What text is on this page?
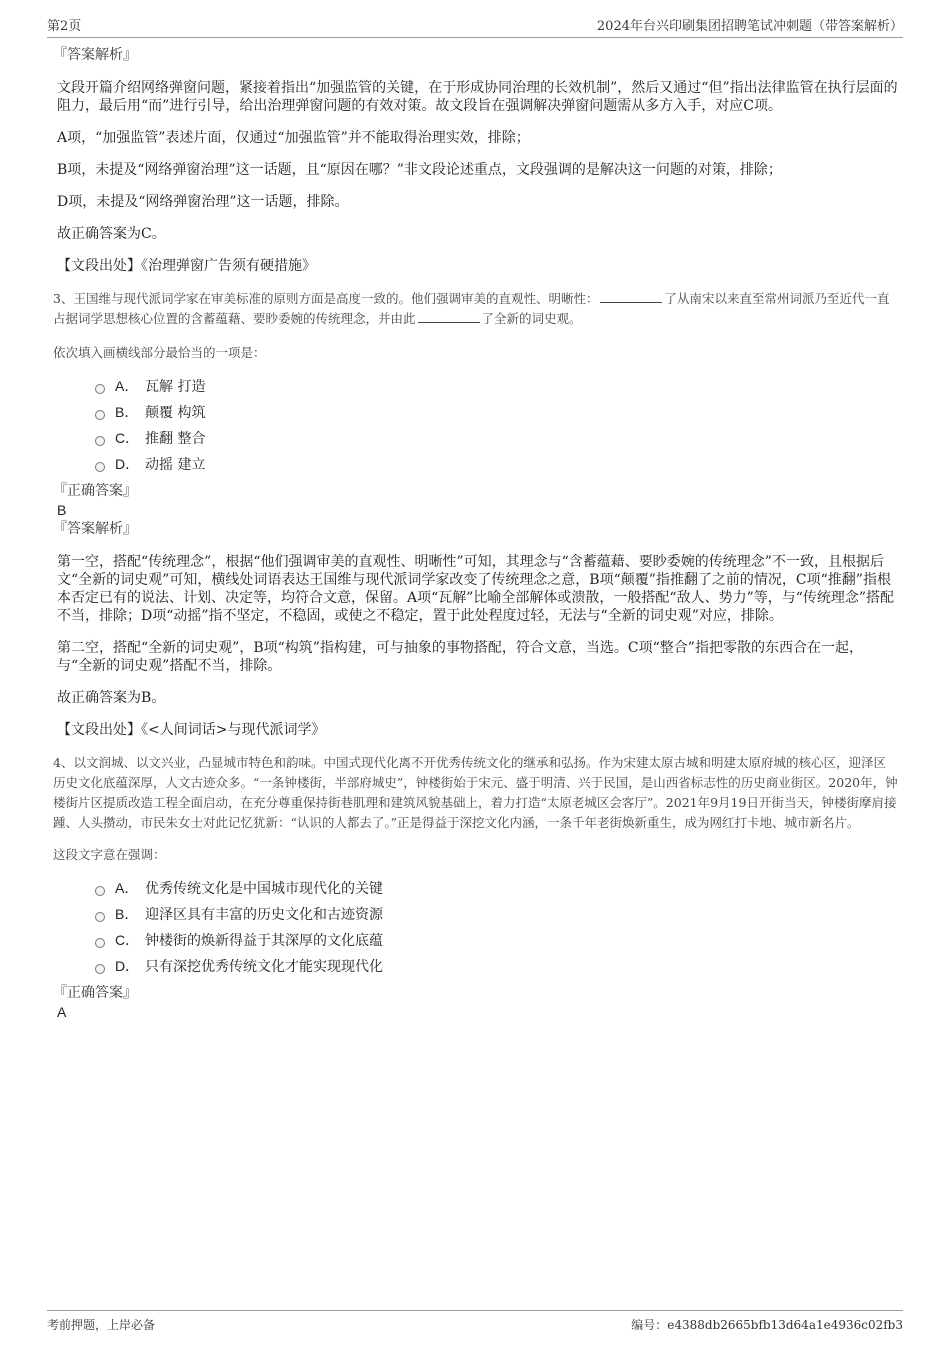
第2页	2024年台兴印刷集团招聘笔试冲刺题（带答案解析）
『答案解析』
文段开篇介绍网络弹窗问题，紧接着指出“加强监管的关键，在于形成协同治理的长效机制”，然后又通过“但”指出法律监管在执行层面的阻力，最后用“而”进行引导，给出治理弹窗问题的有效对策。故文段旨在强调解决弹窗问题需从多方入手，对应C项。
A项，“加强监管”表述片面，仅通过“加强监管”并不能取得治理实效，排除；
B项，未提及“网络弹窗治理”这一话题，且“原因在哪？”非文段论述重点，文段强调的是解决这一问题的对策，排除；
D项，未提及“网络弹窗治理”这一话题，排除。
故正确答案为C。
【文段出处】《治理弹窗广告须有硬措施》
3、王国维与现代派词学家在审美标准的原则方面是高度一致的。他们强调审美的直观性、明晰性：	了从南宋以来直至常州词派乃至近代一直占据词学思想核心位置的含蓄蕴藉、要眇委婉的传统理念，并由此	了全新的词史观。
依次填入画横线部分最恰当的一项是：
A． 瓦解 打造
B． 颠覆 构筑
C． 推翻 整合
D． 动摇 建立
『正确答案』
B
『答案解析』
第一空，搭配“传统理念”，根据“他们强调审美的直观性、明晰性”可知，其理念与“含蓄蕴藉、要眇委婉的传统理念”不一致，且根据后文“全新的词史观”可知，横线处词语表达王国维与现代派词学家改变了传统理念之意，B项“颠覆”指推翻了之前的情况，C项“推翻”指根本否定已有的说法、计划、决定等，均符合文意，保留。A项“瓦解”比喻全部解体或溃散，一般搭配“敌人、势力”等，与“传统理念”搭配不当，排除；D项“动摇”指不坚定，不稳固，或使之不稳定，置于此处程度过轻，无法与“全新的词史观”对应，排除。
第二空，搭配“全新的词史观”，B项“构筑”指构建，可与抽象的事物搭配，符合文意，当选。C项“整合”指把零散的东西合在一起，与“全新的词史观”搭配不当，排除。
故正确答案为B。
【文段出处】《<人间词话>与现代派词学》
4、以文润城、以文兴业，凸显城市特色和韵味。中国式现代化离不开优秀传统文化的继承和弘扬。作为宋建太原古城和明建太原府城的核心区，迎泽区历史文化底蕴深厚，人文古迹众多。“一条钟楼街，半部府城史”，钟楼街始于宋元、盛于明清、兴于民国，是山西省标志性的历史商业街区。2020年，钟楼街片区提质改造工程全面启动，在充分尊重保持街巷肌理和建筑风貌基础上，着力打造“太原老城区会客厅”。2021年9月19日开街当天，钟楼街摩肩接踵、人头攒动，市民朱女士对此记忆犹新：“认识的人都去了。”正是得益于深挖文化内涵，一条千年老街焕新重生，成为网红打卡地、城市新名片。
这段文字意在强调：
A． 优秀传统文化是中国城市现代化的关键
B． 迎泽区具有丰富的历史文化和古迹资源
C． 钟楼街的焕新得益于其深厚的文化底蕴
D． 只有深挖优秀传统文化才能实现现代化
『正确答案』
A
考前押题，上岸必备	编号：e4388db2665bfb13d64a1e4936c02fb3
